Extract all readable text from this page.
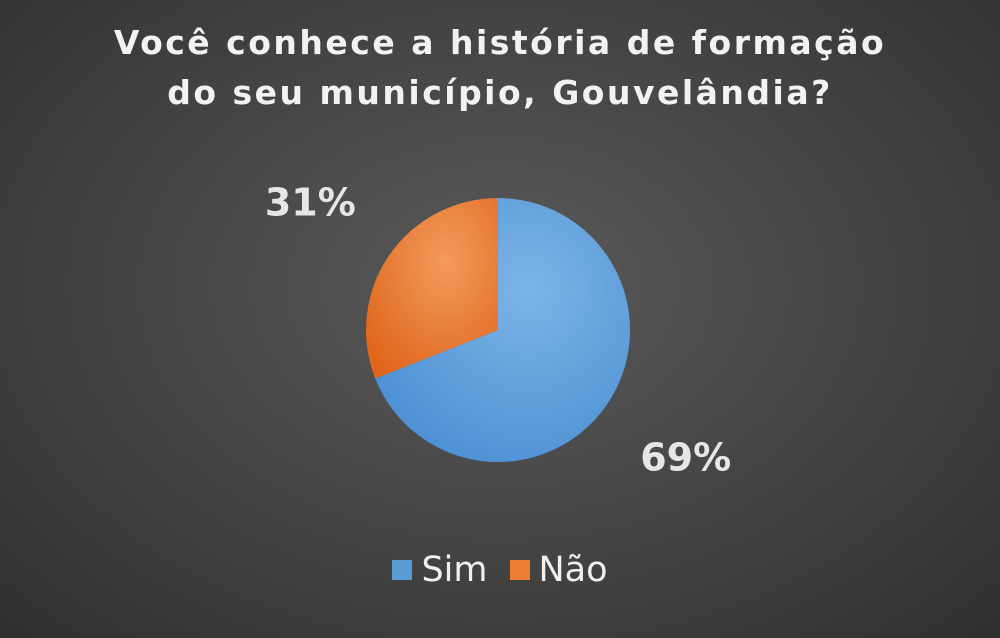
Você conhece a história de formação
do seu município, Gouvelândia?
69%
31%
Sim Não
